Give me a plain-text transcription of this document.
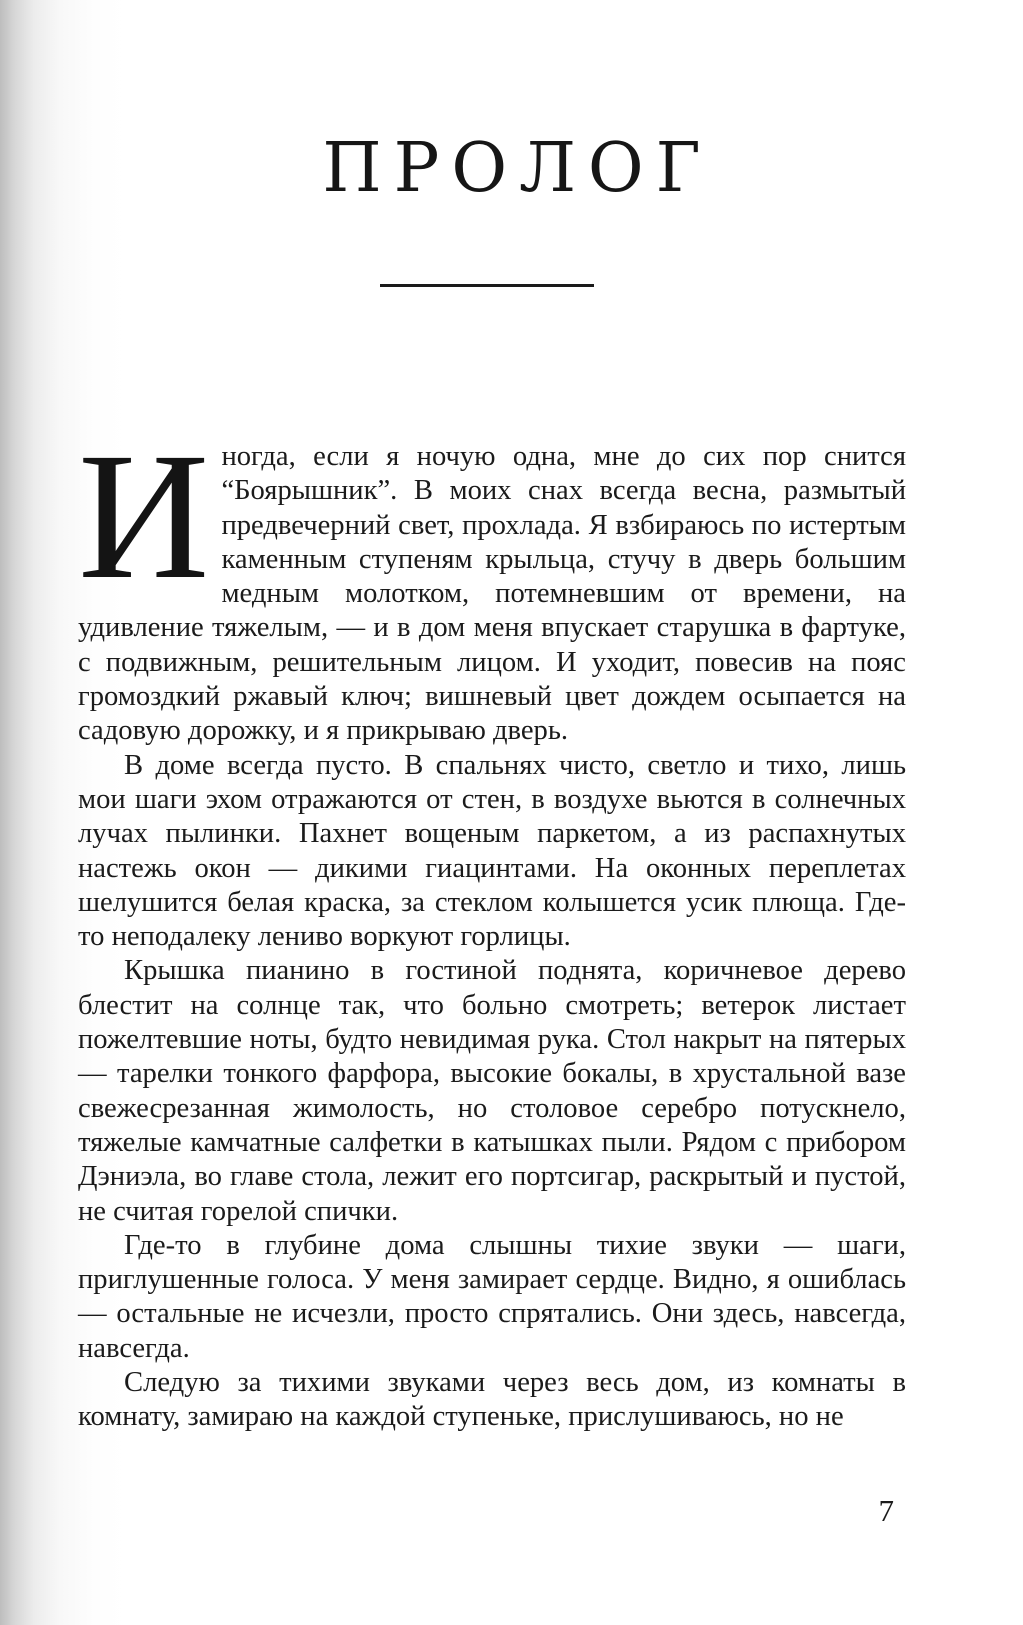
ПРОЛОГ

Иногда, если я ночую одна, мне до сих пор снится “Боярышник”. В моих снах всегда весна, размытый предвечерний свет, прохлада. Я взбираюсь по истертым каменным ступеням крыльца, стучу в дверь большим медным молотком, потемневшим от времени, на удивление тяжелым, — и в дом меня впускает старушка в фартуке, с подвижным, решительным лицом. И уходит, повесив на пояс громоздкий ржавый ключ; вишневый цвет дождем осыпается на садовую дорожку, и я прикрываю дверь.

В доме всегда пусто. В спальнях чисто, светло и тихо, лишь мои шаги эхом отражаются от стен, в воздухе вьются в солнечных лучах пылинки. Пахнет вощеным паркетом, а из распахнутых настежь окон — дикими гиацинтами. На оконных переплетах шелушится белая краска, за стеклом колышется усик плюща. Где-то неподалеку лениво воркуют горлицы.

Крышка пианино в гостиной поднята, коричневое дерево блестит на солнце так, что больно смотреть; ветерок листает пожелтевшие ноты, будто невидимая рука. Стол накрыт на пятерых — тарелки тонкого фарфора, высокие бокалы, в хрустальной вазе свежесрезанная жимолость, но столовое серебро потускнело, тяжелые камчатные салфетки в катышках пыли. Рядом с прибором Дэниэла, во главе стола, лежит его портсигар, раскрытый и пустой, не считая горелой спички.

Где-то в глубине дома слышны тихие звуки — шаги, приглушенные голоса. У меня замирает сердце. Видно, я ошиблась — остальные не исчезли, просто спрятались. Они здесь, навсегда, навсегда.

Следую за тихими звуками через весь дом, из комнаты в комнату, замираю на каждой ступеньке, прислушиваюсь, но не

7
